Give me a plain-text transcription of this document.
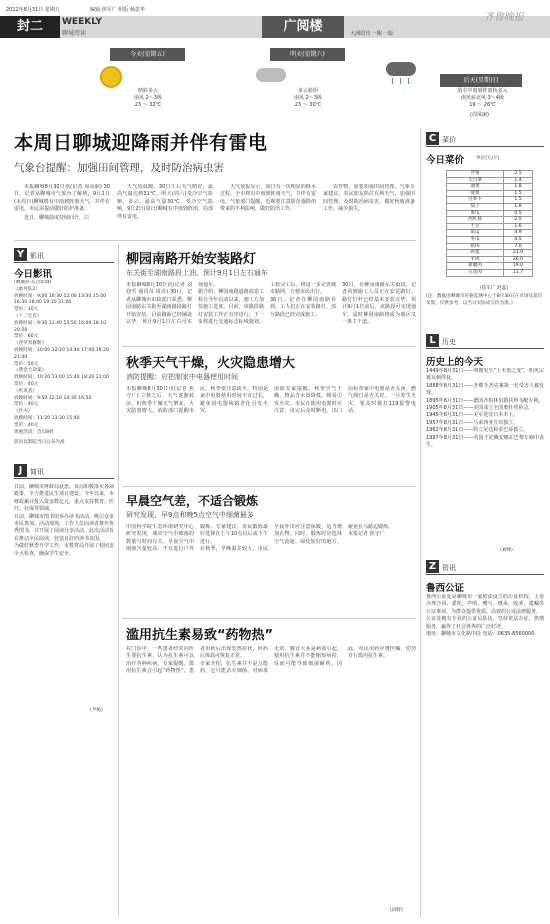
2012年8月31日 星期五	编辑:焦军广 组版:杨思华
封二	WEEKLY
聊城周读	广阅楼	大洲周刊 一期 一版
齐鲁晚报
今天(星期五)
晴转多云
南风 2～3级
23 ～ 32℃
明天(星期六)
多云转阴
南风 2～3级
23 ～ 30℃
后天(星期日)
阴有中雨到阵雨转多云
南风转北风 3～4级
19 ～ 26℃
(周凤丽)
本周日聊城迎降雨并伴有雷电
气象台提醒：加强田间管理，及时防治病虫害

本报聊城8月30日讯(记者 周凤丽) 30日，记者从聊城市气象台了解到，9月2日(本周日)聊城将有中雨到阵雨天气，并伴有雷电。市民需提前做好防护准备。

近日，聊城温度持续回升，白

天气较温暖。30日午后天气晴好，最高气温达到31℃。明天(周六)受冷空气影响，多云，最高气温30℃。受冷空气影响，9月2日(周日)聊城有中雨到阵雨，局部伴有雷电。

天气预报显示，周日有一次明显的降水过程，全市将有中雨到阵雨天气，并伴有雷电。气象部门提醒，近期要注意防范强降雨带来的不利影响，做好防汛工作。

农作物，需要加强田间管理。气象专家建议，农民朋友抓住有利天气，加强田间管理，及时防治病虫害，做好秋收准备工作，减少损失。

Y 影讯
今日影讯
(聊城铁·东昌影城)
《敢死队2》
放映时间：9:00 10:30 12:00 13:30 15:00 16:30 18:00 19:30 21:00
票价：30元
《十二生肖》
放映时间：9:30 11:40 13:50 16:00 18:10 20:20
票价：60元
《普罗米修斯》
放映时间：10:00 12:20 14:40 17:00 19:20 21:40
票价：50元
《黄金大劫案》
放映时间：10:20 13:00 15:40 18:20 21:00
票价：40元
《听风者》
放映时间：9:50 12:10 14:30 16:50
票价：40元
《匹夫》
放映时间：11:20 13:30 15:40
票价：40元
优惠活动：会员8折

影讯以影院当日公布为准
J	简讯
日前，聊城市财政局获悉，该局积极落实各项政策，全力推进民生项目建设。今年以来，市财政累计投入资金数亿元，重点支持教育、医疗、社保等领域。
日前，聊城市图书馆举办读书活动，吸引众多市民参加。活动现场，工作人员向读者推荐优秀图书，并开展了阅读分享活动。此次活动旨在推动全民阅读，营造良好的读书氛围。
为做好秋季开学工作，市教育局开展了校园安全大检查，确保学生安全。
(尹杨)
柳园南路开始安装路灯
东关街至湖南路段上油，预计9月1日左右通车
本报聊城8月30日讯(记者 刘迎雪 通讯员 周亮) 30日，记者从聊城市市政部门获悉，柳园南路东关街至湖南路段路灯开始安装，目前路面已经铺设完毕，预计9月1日左右可实现通车。
据介绍，柳园南路道路改造工程自今年启动以来，施工方加快施工进度。目前，该路段路灯安装工作正有序进行，下一步将进行交通标志标线施划。工程完工后，将进一步完善城市路网，方便市民出行。
30日，记者在柳园南路看到，工人们正在安装路灯，部分路段已经完成施工。
30日，在柳园南路东关街段，记者看到施工人员正在安装路灯，路灯灯杆已经基本安装完毕。预计9月1日前后，该路段可实现通车，届时柳园南路将成为城区又一条主干道。
秋季天气干燥，火灾隐患增大
消防提醒：应把制家中电器使用时间
本报聊城8月30日讯(记者 焦守广) 立秋之后，天气逐渐转凉，但秋季干燥天气增多，火灾隐患增大。消防部门提醒市民，秋季要注意防火，特别是家中电器使用时间不宜过长，避免因电器线路老化引发火灾。
消防专家提醒，秋季空气干燥，物品含水量降低，极易引发火灾。市民在使用电器时应注意，用完后及时断电。出门前检查家中电器是否关闭，燃气阀门是否关好。一旦发生火灾，要及时拨打119报警电话。
早晨空气差，不适合锻炼
研究发现，早9点和晚5点空气中细菌最多
中国科学院生态环境研究中心研究发现，城市空气中细菌的数量与时间有关。早晨空气中细菌含量较高，不宜进行户外锻炼。专家建议，市民锻炼最好选择在上午10点以后或下午进行。
在秋季，早晚温差较大，市民早晨外出应注意保暖，适当增加衣物。同时，锻炼时应选择空气流通、绿化较好的地方，避免在马路边锻炼。
本报记者 焦守广
滥用抗生素易致“药物热”
在门诊中，一些患者经常问医生要抗生素，认为抗生素可以治疗各种疾病。专家提醒，滥用抗生素会引起“药物热”，患者用药后出现发热症状，停药后体温可恢复正常。
专家介绍，抗生素并不是万能药，它只能杀灭细菌，对病毒无效。感冒大多是病毒引起，使用抗生素并不能缩短病程，反而可能导致细菌耐药。因此，市民用药应遵医嘱，切勿自行滥用抗生素。
(田野)
C 菜价
今日菜价	单位(元/斤)
芹菜	2.5
大白菜	1.4
油菜	1.8
菠菜	1.5
白萝卜	1.5
茄子	1.8
黄瓜	0.5
西红柿	2.5
土豆	1.6
南瓜	4.9
冬瓜	4.5
猪肉	7.0
鸡蛋	21.0
羊肉	26.0
猪腿肉	19.0
五花肉	11.7
(焦军广 赵蕊)
(注：数据由聊城市价格监测中心于8月30日在市场及超市采集，仅供参考，以当日实际成交价为准。)
L 历史
历史上的今天
1449年8月31日——明朝发生“土木堡之变”，明英宗被瓦剌俘获。
1888年8月31日——开膛手杰克案第一名受害人被发现。
1895年8月31日——德国齐柏林伯爵获得飞艇专利。
1905年8月31日——美国成立全国奥杜邦协会。
1945年8月31日——美军进驻日本本土。
1957年8月31日——马来西亚宣布独立。
1962年8月31日——特立尼达和多巴哥独立。
1997年8月31日——英国王妃戴安娜在巴黎车祸中丧生。
(刘峰)
Z 资讯
鲁西公证
鲁西公证处是聊城市一家依法设立的公证机构，主要办理合同、委托、声明、赠与、继承、收养、遗嘱等公证事项，为群众提供优质、高效的公证法律服务。
公证处拥有专业的公证员队伍，坚持依法办证，热情服务，赢得了社会各界的广泛好评。
地址：聊城市文化路中段 电话：0635-8560000
